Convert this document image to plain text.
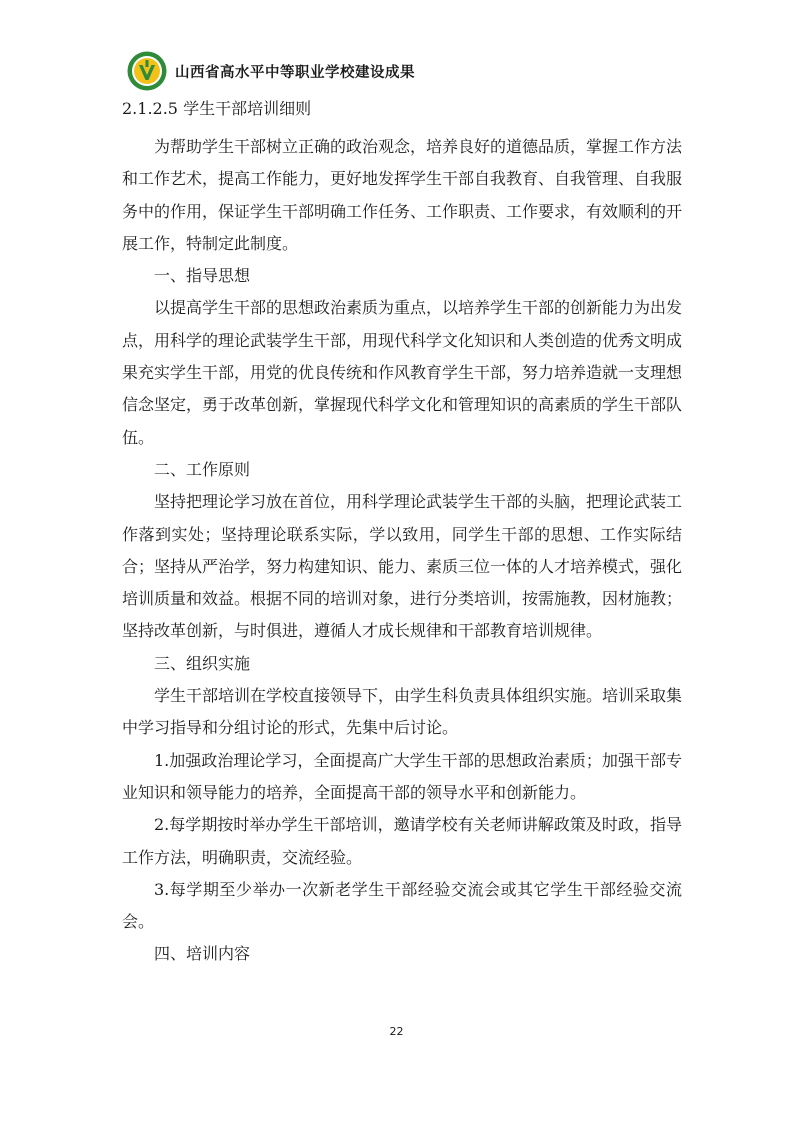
山西省高水平中等职业学校建设成果
2.1.2.5 学生干部培训细则

为帮助学生干部树立正确的政治观念，培养良好的道德品质，掌握工作方法和工作艺术，提高工作能力，更好地发挥学生干部自我教育、自我管理、自我服务中的作用，保证学生干部明确工作任务、工作职责、工作要求，有效顺利的开展工作，特制定此制度。

一、指导思想

以提高学生干部的思想政治素质为重点，以培养学生干部的创新能力为出发点，用科学的理论武装学生干部，用现代科学文化知识和人类创造的优秀文明成果充实学生干部，用党的优良传统和作风教育学生干部，努力培养造就一支理想信念坚定，勇于改革创新，掌握现代科学文化和管理知识的高素质的学生干部队伍。

二、工作原则

坚持把理论学习放在首位，用科学理论武装学生干部的头脑，把理论武装工作落到实处；坚持理论联系实际，学以致用，同学生干部的思想、工作实际结合；坚持从严治学，努力构建知识、能力、素质三位一体的人才培养模式，强化培训质量和效益。根据不同的培训对象，进行分类培训，按需施教，因材施教；坚持改革创新，与时俱进，遵循人才成长规律和干部教育培训规律。

三、组织实施

学生干部培训在学校直接领导下，由学生科负责具体组织实施。培训采取集中学习指导和分组讨论的形式，先集中后讨论。

1.加强政治理论学习，全面提高广大学生干部的思想政治素质；加强干部专业知识和领导能力的培养，全面提高干部的领导水平和创新能力。

2.每学期按时举办学生干部培训，邀请学校有关老师讲解政策及时政，指导工作方法，明确职责，交流经验。

3.每学期至少举办一次新老学生干部经验交流会或其它学生干部经验交流会。

四、培训内容

22
